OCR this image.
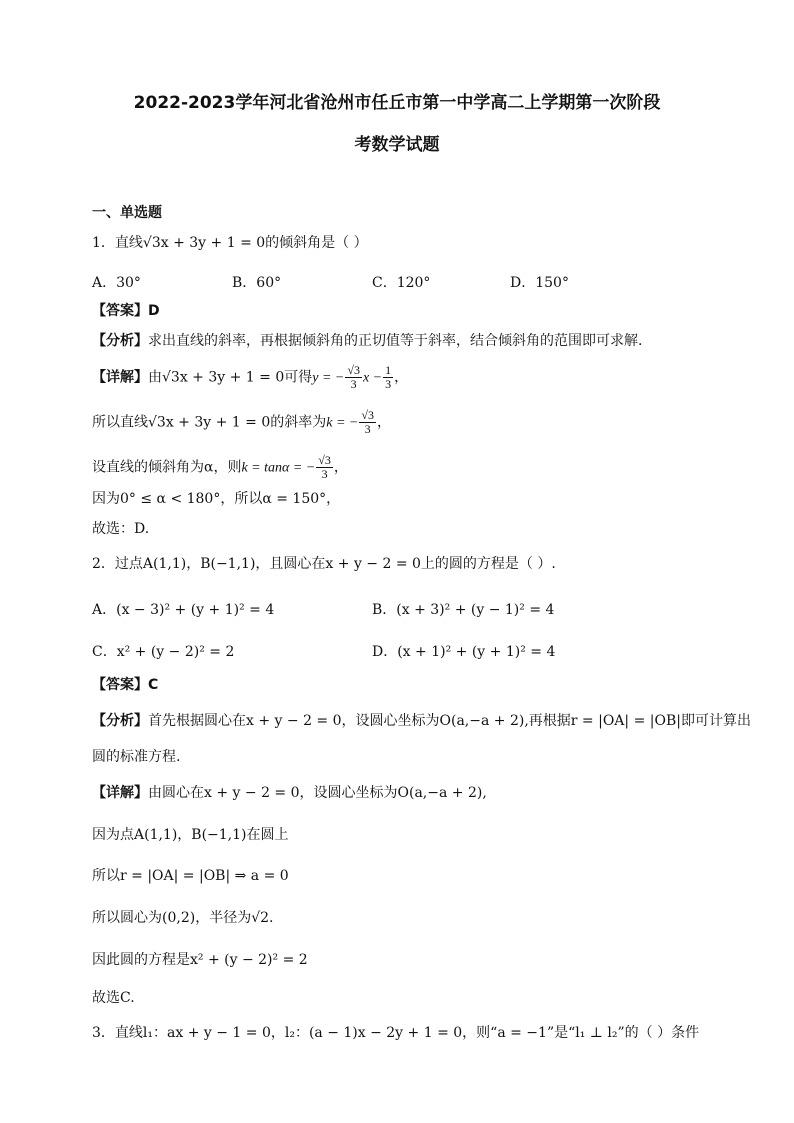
2022-2023学年河北省沧州市任丘市第一中学高二上学期第一次阶段
考数学试题
一、单选题
1．直线√3x + 3y + 1 = 0的倾斜角是（ ）
A．30°	B．60°	C．120°	D．150°
【答案】D
【分析】求出直线的斜率，再根据倾斜角的正切值等于斜率，结合倾斜角的范围即可求解.
【详解】由√3x + 3y + 1 = 0可得y = − $\frac{√3}{3}$ $x - \frac{1}{3}$ ，
所以直线√3x + 3y + 1 = 0的斜率为k = − $\frac{√3}{3}$ ，
设直线的倾斜角为α，则k = tanα = − $\frac{√3}{3}$ ，
因为0° ≤ α < 180°，所以α = 150°，
故选：D.
2．过点A(1,1)，B(−1,1)，且圆心在x + y − 2 = 0上的圆的方程是（ ）.
A．(x − 3)² + (y + 1)² = 4	B．(x + 3)² + (y − 1)² = 4
C．x² + (y − 2)² = 2	D．(x + 1)² + (y + 1)² = 4
【答案】C
【分析】首先根据圆心在x + y − 2 = 0，设圆心坐标为O(a,−a + 2),再根据r = |OA| = |OB|即可计算出
圆的标准方程.
【详解】由圆心在x + y − 2 = 0，设圆心坐标为O(a,−a + 2),
因为点A(1,1)，B(−1,1)在圆上
所以r = |OA| = |OB| ⇒ a = 0
所以圆心为(0,2)，半径为√2.
因此圆的方程是x² + (y − 2)² = 2
故选C.
3．直线l₁：ax + y − 1 = 0，l₂：(a − 1)x − 2y + 1 = 0，则“a = −1”是“l₁ ⊥ l₂”的（ ）条件
